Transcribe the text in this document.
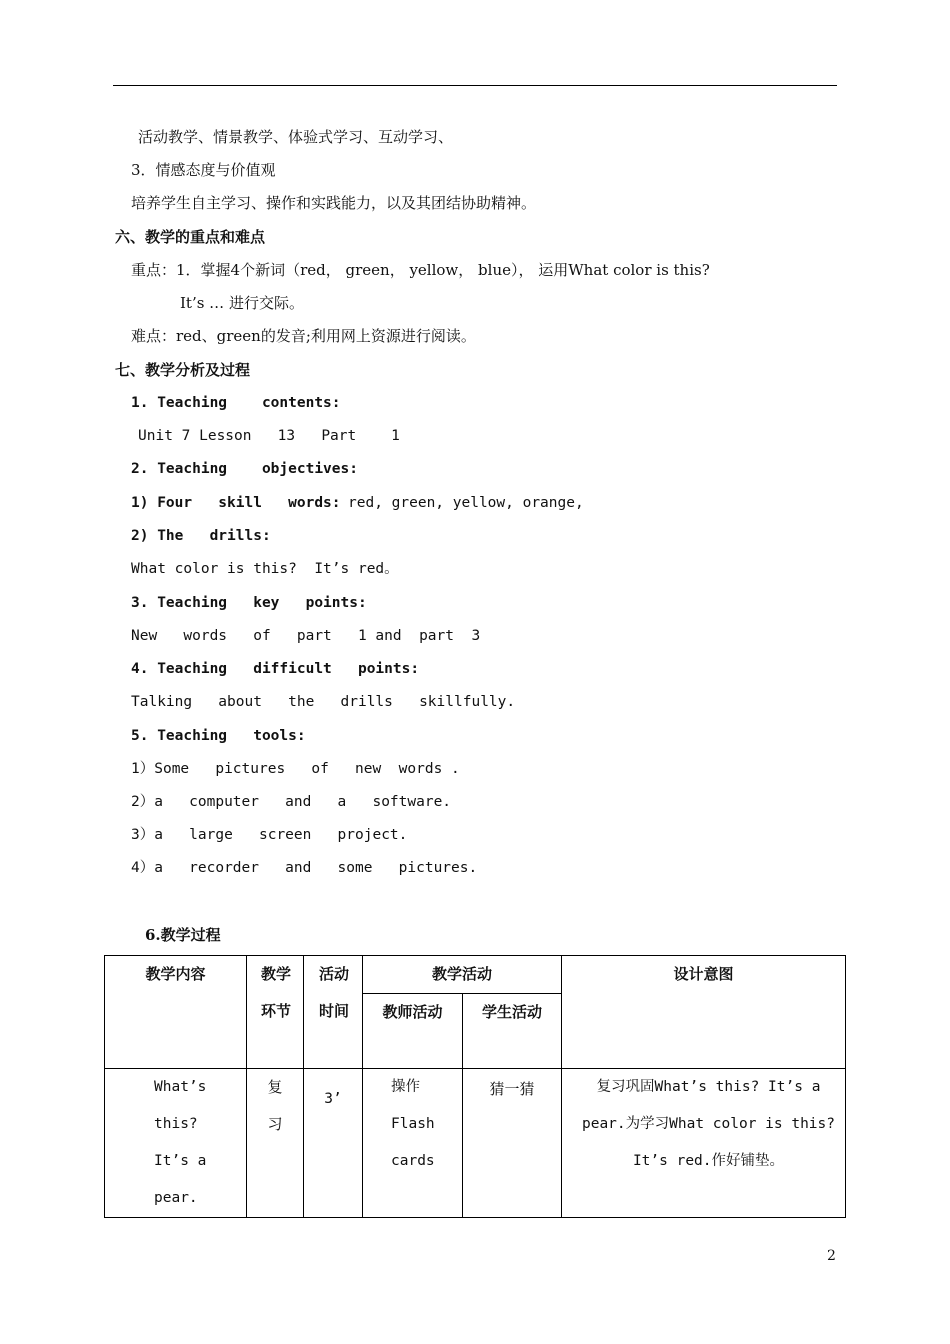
活动教学、情景教学、体验式学习、互动学习、
3．情感态度与价值观
培养学生自主学习、操作和实践能力，以及其团结协助精神。
六、教学的重点和难点
重点：1．掌握4个新词（red， green， yellow， blue）， 运用What color is this?
It’s … 进行交际。
难点：red、green的发音;利用网上资源进行阅读。
七、教学分析及过程
1. Teaching    contents:
Unit 7 Lesson   13   Part    1
2. Teaching    objectives:
1) Four   skill   words: red, green, yellow, orange,
2) The   drills:
What color is this?  It’s red。
3. Teaching   key   points:
New   words   of   part   1 and  part  3
4. Teaching   difficult   points:
Talking   about   the   drills   skillfully.
5. Teaching   tools:
1）Some   pictures   of   new  words .
2）a   computer   and   a   software.
3）a   large   screen   project.
4）a   recorder   and   some   pictures.
6.教学过程
教学内容	教学环节	活动时间	教学活动		设计意图

			教师活动	学生活动	

What’s this? It’s a pear.	复习	3’	操作 Flash cards	猜一猜	复习巩固What’s this? It’s a pear.为学习What color is this? It’s red.作好铺垫。
2
